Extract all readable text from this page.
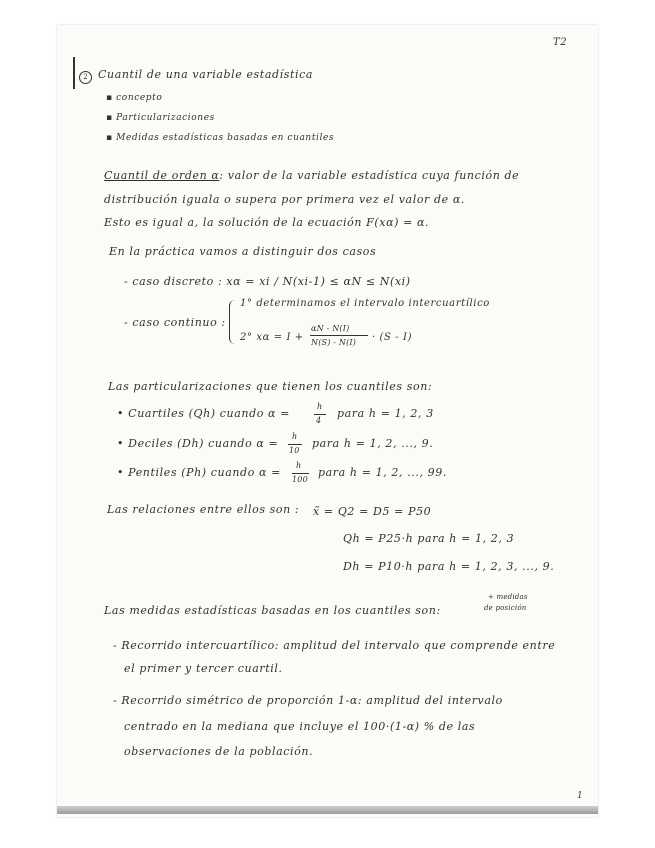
T2
2 Cuantil de una variable estadística
▪ concepto
▪ Particularizaciones
▪ Medidas estadísticas basadas en cuantiles
Cuantil de orden α: valor de la variable estadística cuya función de
distribución iguala o supera por primera vez el valor de α.
Esto es igual a, la solución de la ecuación F(xα) = α.
En la práctica vamos a distinguir dos casos
- caso discreto : xα = xi / N(xi-1) ≤ αN ≤ N(xi)
- caso continuo :
1° determinamos el intervalo intercuartílico
2° xα = I +
αN - N(I)
N(S) - N(I) · (S - I)
Las particularizaciones que tienen los cuantiles son:
• Cuartiles (Qh) cuando α =
h
4
para h = 1, 2, 3
• Deciles (Dh) cuando α =
h
10
para h = 1, 2, ..., 9.
• Pentiles (Ph) cuando α =
h
100
para h = 1, 2, ..., 99.
Las relaciones entre ellos son : x̃ = Q2 = D5 = P50
Qh = P25·h para h = 1, 2, 3
Dh = P10·h para h = 1, 2, 3, ..., 9.
Las medidas estadísticas basadas en los cuantiles son:
+ medidas
de posición
- Recorrido intercuartílico: amplitud del intervalo que comprende entre
el primer y tercer cuartil.
- Recorrido simétrico de proporción 1-α: amplitud del intervalo
centrado en la mediana que incluye el 100·(1-α) % de las
observaciones de la población.
1
